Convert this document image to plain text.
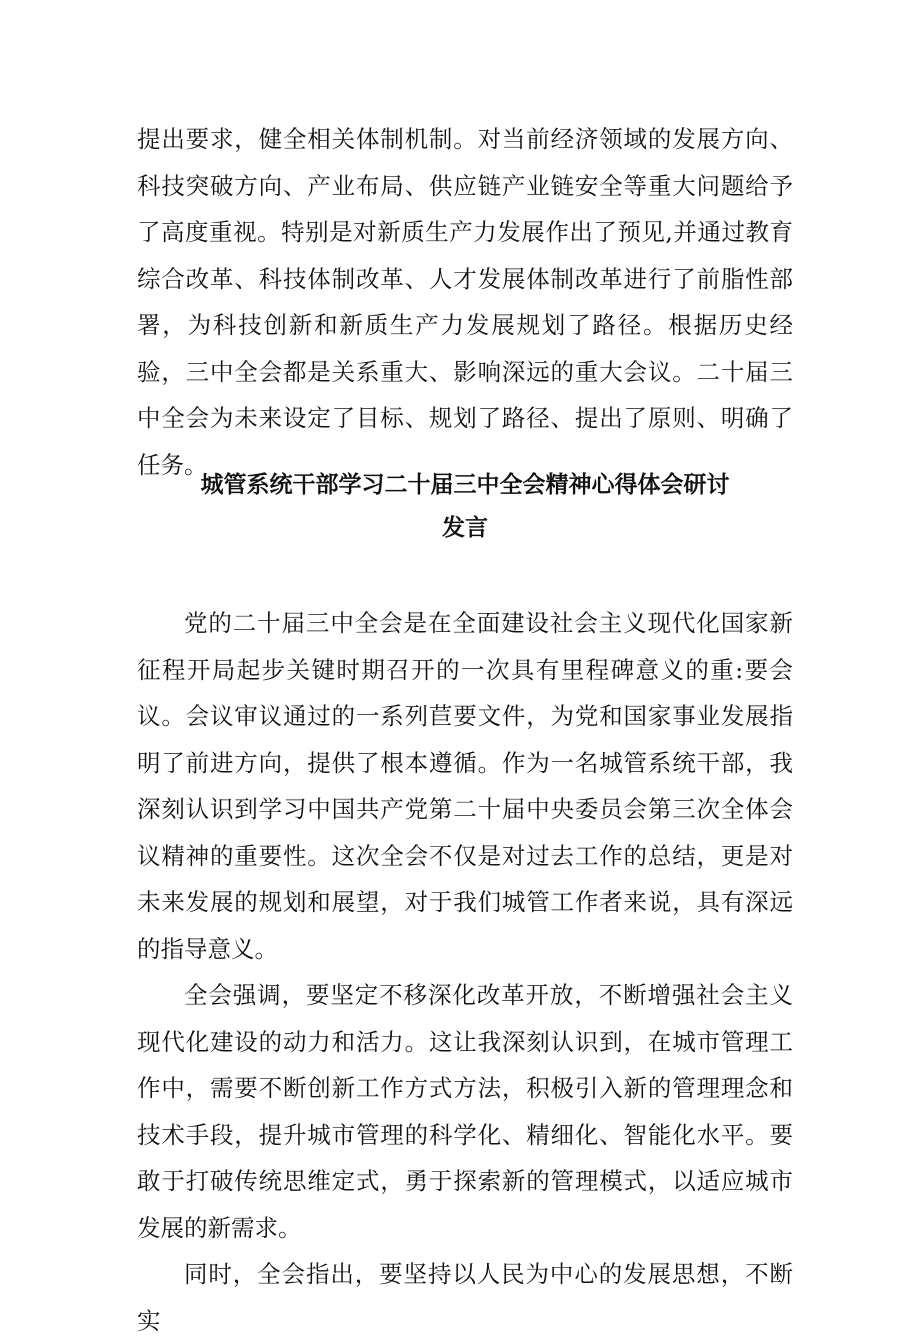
提出要求，健全相关体制机制。对当前经济领域的发展方向、科技突破方向、产业布局、供应链产业链安全等重大问题给予了高度重视。特别是对新质生产力发展作出了预见,并通过教育综合改革、科技体制改革、人才发展体制改革进行了前脂性部署，为科技创新和新质生产力发展规划了路径。根据历史经验，三中全会都是关系重大、影响深远的重大会议。二十届三中全会为未来设定了目标、规划了路径、提出了原则、明确了任务。

城管系统干部学习二十届三中全会精神心得体会研讨
发言

党的二十届三中全会是在全面建设社会主义现代化国家新征程开局起步关键时期召开的一次具有里程碑意义的重:要会议。会议审议通过的一系列苣要文件，为党和国家事业发展指明了前进方向，提供了根本遵循。作为一名城管系统干部，我深刻认识到学习中国共产党第二十届中央委员会第三次全体会议精神的重要性。这次全会不仅是对过去工作的总结，更是对未来发展的规划和展望，对于我们城管工作者来说，具有深远的指导意义。

全会强调，要坚定不移深化改革开放，不断增强社会主义现代化建设的动力和活力。这让我深刻认识到，在城市管理工作中，需要不断创新工作方式方法，积极引入新的管理理念和技术手段，提升城市管理的科学化、精细化、智能化水平。要敢于打破传统思维定式，勇于探索新的管理模式，以适应城市发展的新需求。

同时，全会指出，要坚持以人民为中心的发展思想，不断实
